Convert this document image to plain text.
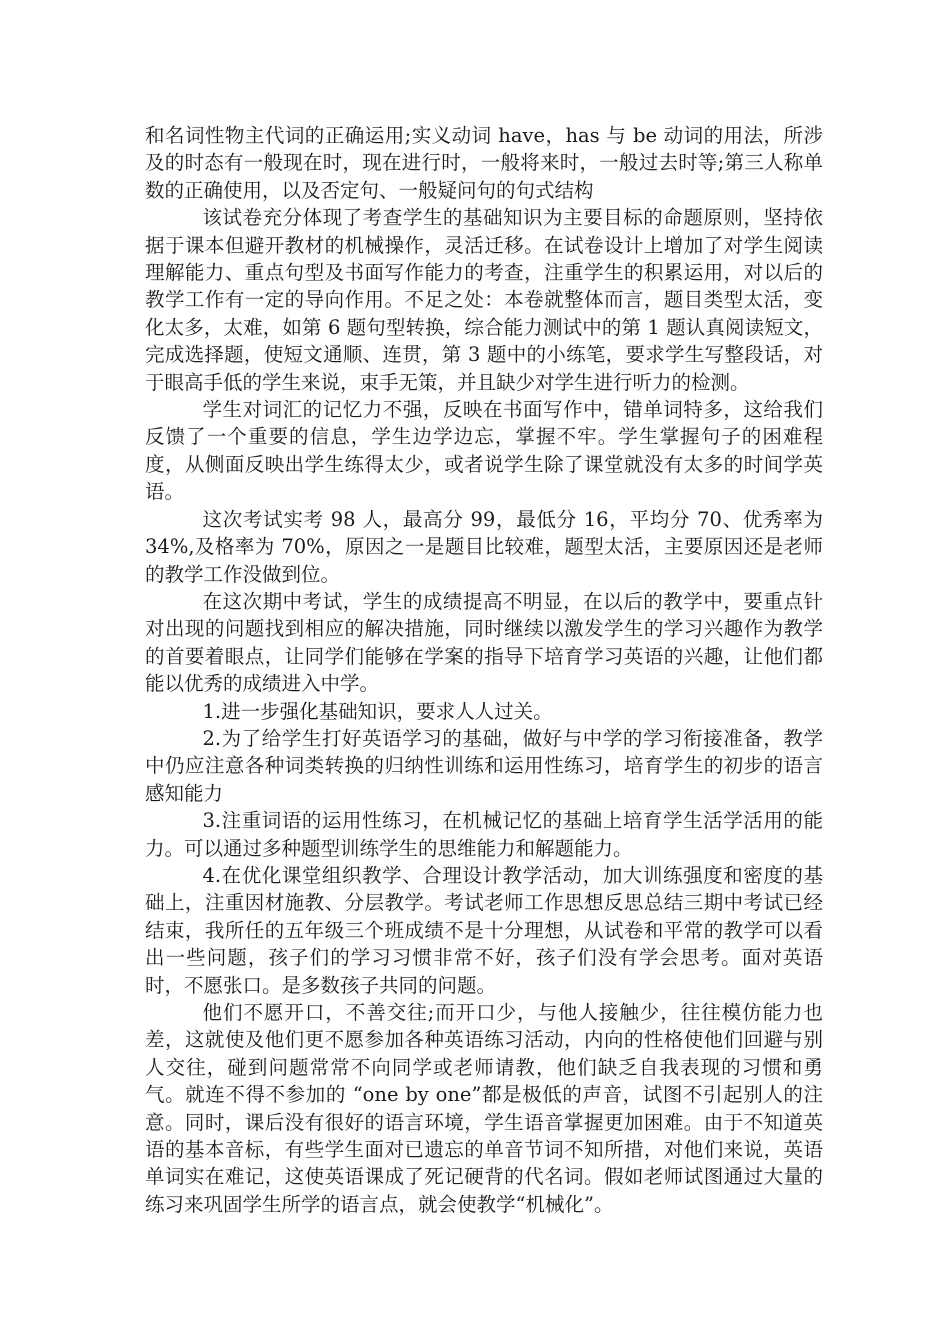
和名词性物主代词的正确运用;实义动词 have，has 与 be 动词的用法，所涉及的时态有一般现在时，现在进行时，一般将来时，一般过去时等;第三人称单数的正确使用，以及否定句、一般疑问句的句式结构

该试卷充分体现了考查学生的基础知识为主要目标的命题原则，坚持依据于课本但避开教材的机械操作，灵活迁移。在试卷设计上增加了对学生阅读理解能力、重点句型及书面写作能力的考查，注重学生的积累运用，对以后的教学工作有一定的导向作用。不足之处：本卷就整体而言，题目类型太活，变化太多，太难，如第 6 题句型转换，综合能力测试中的第 1 题认真阅读短文，完成选择题，使短文通顺、连贯，第 3 题中的小练笔，要求学生写整段话，对于眼高手低的学生来说，束手无策，并且缺少对学生进行听力的检测。

学生对词汇的记忆力不强，反映在书面写作中，错单词特多，这给我们反馈了一个重要的信息，学生边学边忘，掌握不牢。学生掌握句子的困难程度，从侧面反映出学生练得太少，或者说学生除了课堂就没有太多的时间学英语。

这次考试实考 98 人，最高分 99，最低分 16，平均分 70、优秀率为 34%,及格率为 70%，原因之一是题目比较难，题型太活，主要原因还是老师的教学工作没做到位。

在这次期中考试，学生的成绩提高不明显，在以后的教学中，要重点针对出现的问题找到相应的解决措施，同时继续以激发学生的学习兴趣作为教学的首要着眼点，让同学们能够在学案的指导下培育学习英语的兴趣，让他们都能以优秀的成绩进入中学。

1.进一步强化基础知识，要求人人过关。

2.为了给学生打好英语学习的基础，做好与中学的学习衔接准备，教学中仍应注意各种词类转换的归纳性训练和运用性练习，培育学生的初步的语言感知能力

3.注重词语的运用性练习，在机械记忆的基础上培育学生活学活用的能力。可以通过多种题型训练学生的思维能力和解题能力。

4.在优化课堂组织教学、合理设计教学活动，加大训练强度和密度的基础上，注重因材施教、分层教学。考试老师工作思想反思总结三期中考试已经结束，我所任的五年级三个班成绩不是十分理想，从试卷和平常的教学可以看出一些问题，孩子们的学习习惯非常不好，孩子们没有学会思考。面对英语时，不愿张口。是多数孩子共同的问题。

他们不愿开口，不善交往;而开口少，与他人接触少，往往模仿能力也差，这就使及他们更不愿参加各种英语练习活动，内向的性格使他们回避与别人交往，碰到问题常常不向同学或老师请教，他们缺乏自我表现的习惯和勇气。就连不得不参加的 “one by one”都是极低的声音，试图不引起别人的注意。同时，课后没有很好的语言环境，学生语音掌握更加困难。由于不知道英语的基本音标，有些学生面对已遗忘的单音节词不知所措，对他们来说，英语单词实在难记，这使英语课成了死记硬背的代名词。假如老师试图通过大量的练习来巩固学生所学的语言点，就会使教学“机械化”。
